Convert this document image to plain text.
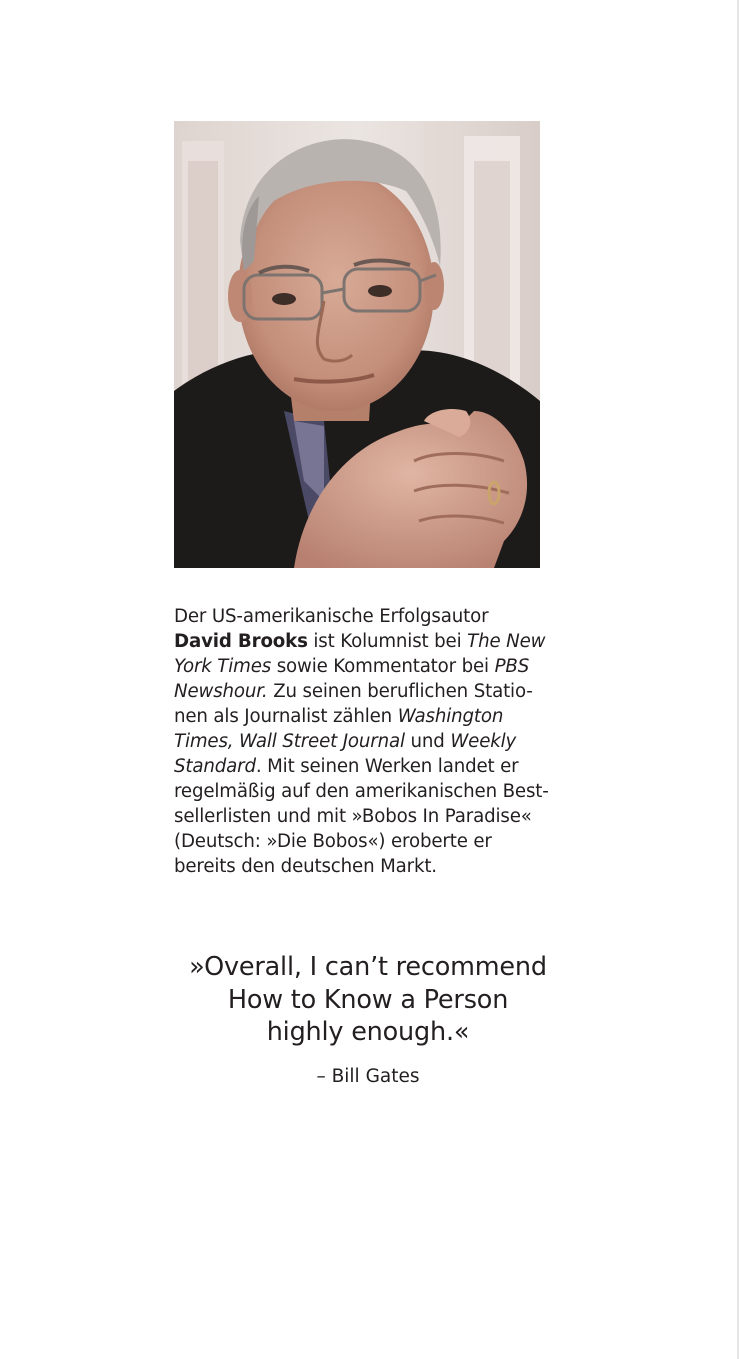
Der US-amerikanische Erfolgsautor
David Brooks ist Kolumnist bei The New
York Times sowie Kommentator bei PBS
Newshour. Zu seinen beruflichen Statio-
nen als Journalist zählen Washington
Times, Wall Street Journal und Weekly
Standard. Mit seinen Werken landet er
regelmäßig auf den amerikanischen Best-
sellerlisten und mit »Bobos In Paradise«
(Deutsch: »Die Bobos«) eroberte er
bereits den deutschen Markt.
»Overall, I can’t recommend
How to Know a Person
highly enough.«
– Bill Gates
